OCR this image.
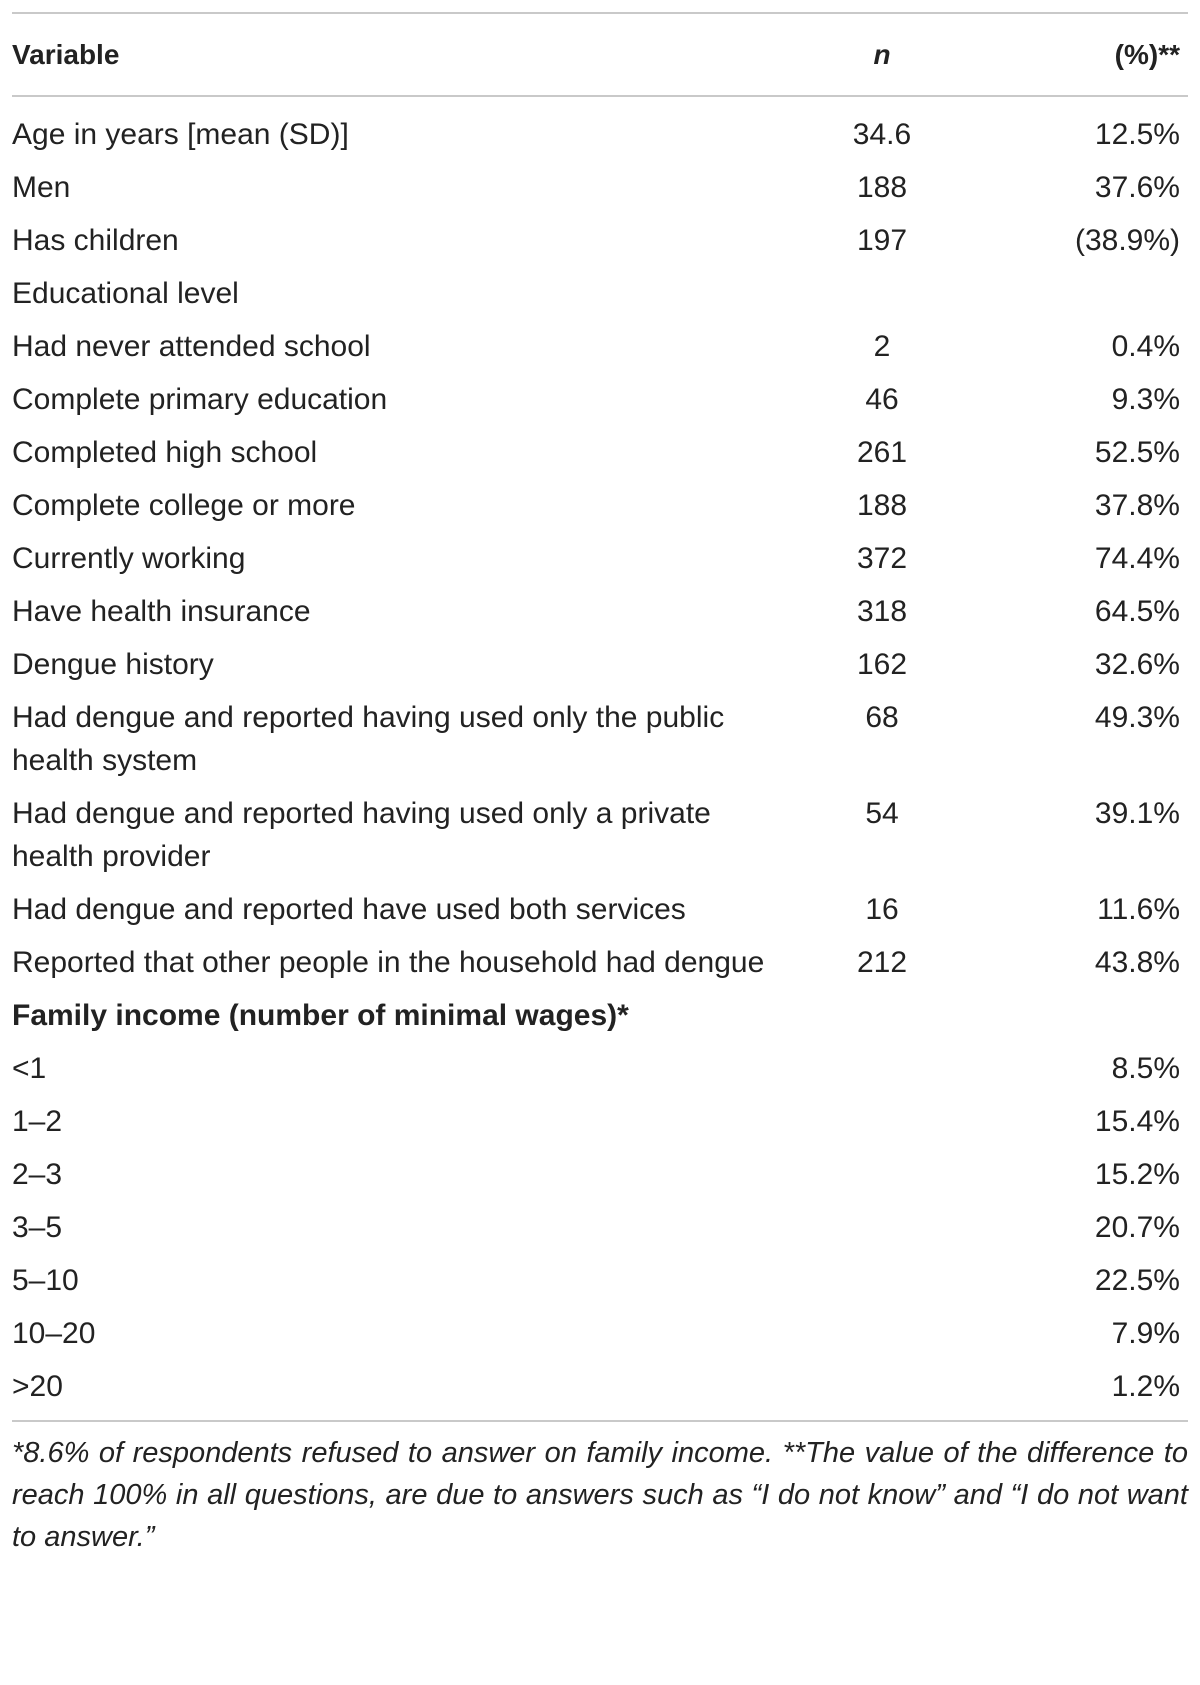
Variable	n	(%)**

Age in years [mean (SD)]	34.6	12.5%
Men	188	37.6%
Has children	197	(38.9%)
Educational level		
Had never attended school	2	0.4%
Complete primary education	46	9.3%
Completed high school	261	52.5%
Complete college or more	188	37.8%
Currently working	372	74.4%
Have health insurance	318	64.5%
Dengue history	162	32.6%
Had dengue and reported having used only the public health system	68	49.3%
Had dengue and reported having used only a private health provider	54	39.1%
Had dengue and reported have used both services	16	11.6%
Reported that other people in the household had dengue	212	43.8%
Family income (number of minimal wages)*		
<1		8.5%
1–2		15.4%
2–3		15.2%
3–5		20.7%
5–10		22.5%
10–20		7.9%
>20		1.2%
*8.6% of respondents refused to answer on family income. **The value of the difference to reach 100% in all questions, are due to answers such as “I do not know” and “I do not want to answer.”
